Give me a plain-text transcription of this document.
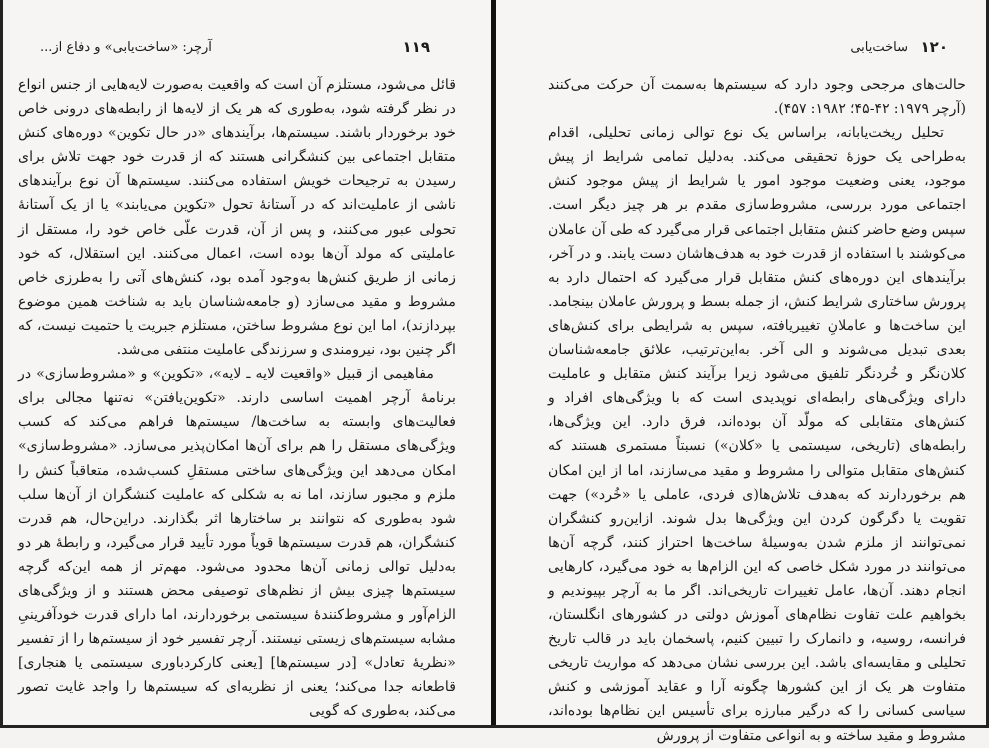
آرچر: «ساخت‌یابی» و دفاع از...	۱۱۹

قائل می‌شود، مستلزم آن است که واقعیت به‌صورت لایه‌هایی از جنس انواع در نظر گرفته شود، به‌طوری که هر یک از لایه‌ها از رابطه‌های درونی خاص خود برخوردار باشند. سیستم‌ها، برآیندهای «در حال تکوین» دوره‌های کنش متقابل اجتماعی بین کنشگرانی هستند که از قدرت خود جهت تلاش برای رسیدن به ترجیحات خویش استفاده می‌کنند. سیستم‌ها آن نوع برآیندهای ناشی از عاملیت‌اند که در آستانهٔ تحول «تکوین می‌یابند» یا از یک آستانهٔ تحولی عبور می‌کنند، و پس از آن، قدرت علّی خاص خود را، مستقل از عاملیتی که مولد آن‌ها بوده است، اعمال می‌کنند. این استقلال، که خود زمانی از طریق کنش‌ها به‌وجود آمده بود، کنش‌های آتی را به‌طرزی خاص مشروط و مقید می‌سازد (و جامعه‌شناسان باید به شناخت همین موضوع بپردازند)، اما این نوع مشروط ساختن، مستلزم جبریت یا حتمیت نیست، که اگر چنین بود، نیرومندی و سرزندگی عاملیت منتفی می‌شد.

مفاهیمی از قبیل «واقعیت لایه ـ لایه»، «تکوین» و «مشروط‌سازی» در برنامهٔ آرچر اهمیت اساسی دارند. «تکوین‌یافتن» نه‌تنها مجالی برای فعالیت‌های وابسته به ساخت‌ها/ سیستم‌ها فراهم می‌کند که کسب ویژگی‌های مستقل را هم برای آن‌ها امکان‌پذیر می‌سازد. «مشروط‌سازی» امکان می‌دهد این ویژگی‌های ساختی مستقلِ کسب‌شده، متعاقباً کنش را ملزم و مجبور سازند، اما نه به شکلی که عاملیت کنشگران از آن‌ها سلب شود به‌طوری که نتوانند بر ساختارها اثر بگذارند. دراین‌حال، هم قدرت کنشگران، هم قدرت سیستم‌ها قویاً مورد تأیید قرار می‌گیرد، و رابطهٔ هر دو به‌دلیل توالی زمانی آن‌ها محدود می‌شود. مهم‌تر از همه این‌که گرچه سیستم‌ها چیزی بیش از نظم‌های توصیفی محض هستند و از ویژگی‌های الزام‌آور و مشروط‌کنندهٔ سیستمی برخوردارند، اما دارای قدرت خودآفرینیِ مشابه سیستم‌های زیستی نیستند. آرچر تفسیر خود از سیستم‌ها را از تفسیر «نظریهٔ تعادل» [در سیستم‌ها] [یعنی کارکردباوری سیستمی یا هنجاری] قاطعانه جدا می‌کند؛ یعنی از نظریه‌ای که سیستم‌ها را واجد غایت تصور می‌کند، به‌طوری که گویی

۱۲۰
ساخت‌یابی

حالت‌های مرجحی وجود دارد که سیستم‌ها به‌سمت آن حرکت می‌کنند (آرچر ۱۹۷۹: ۴۲-۴۵؛ ۱۹۸۲: ۴۵۷).

تحلیل ریخت‌یابانه، براساس یک نوع توالی زمانی تحلیلی، اقدام به‌طراحی یک حوزهٔ تحقیقی می‌کند. به‌دلیل تمامی شرایط از پیش موجود، یعنی وضعیت موجود امور یا شرایط از پیش موجود کنش اجتماعی مورد بررسی، مشروط‌سازی مقدم بر هر چیز دیگر است. سپس وضع حاضر کنش متقابل اجتماعی قرار می‌گیرد که طی آن عاملان می‌کوشند با استفاده از قدرت خود به هدف‌هاشان دست یابند. و در آخر، برآیندهای این دوره‌های کنش متقابل قرار می‌گیرد که احتمال دارد به پرورش ساختاری شرایط کنش، از جمله بسط و پرورش عاملان بینجامد. این ساخت‌ها و عاملانِ تغییریافته، سپس به شرایطی برای کنش‌های بعدی تبدیل می‌شوند و الی آخر. به‌این‌ترتیب، علائق جامعه‌شناسان کلان‌نگر و خُردنگر تلفیق می‌شود زیرا برآیند کنش متقابل و عاملیت دارای ویژگی‌های رابطه‌ای نوپدیدی است که با ویژگی‌های افراد و کنش‌های متقابلی که مولّد آن بوده‌اند، فرق دارد. این ویژگی‌ها، رابطه‌های (تاریخی، سیستمی یا «کلان») نسبتاً مستمری هستند که کنش‌های متقابل متوالی را مشروط و مقید می‌سازند، اما از این امکان هم برخوردارند که به‌هدف تلاش‌ها(ی فردی، عاملی یا «خُرد») جهت تقویت یا دگرگون کردن این ویژگی‌ها بدل شوند. ازاین‌رو کنشگران نمی‌توانند از ملزم شدن به‌وسیلهٔ ساخت‌ها احتراز کنند، گرچه آن‌ها می‌توانند در مورد شکل خاصی که این الزام‌ها به خود می‌گیرد، کارهایی انجام دهند. آن‌ها، عامل تغییرات تاریخی‌اند. اگر ما به آرچر بپیوندیم و بخواهیم علت تفاوت نظام‌های آموزش دولتی در کشورهای انگلستان، فرانسه، روسیه، و دانمارک را تبیین کنیم، پاسخمان باید در قالب تاریخ تحلیلی و مقایسه‌ای باشد. این بررسی نشان می‌دهد که مواریث تاریخی متفاوت هر یک از این کشورها چگونه آرا و عقاید آموزشی و کنش سیاسی کسانی را که درگیر مبارزه برای تأسیس این نظام‌ها بوده‌اند، مشروط و مقید ساخته و به انواعی متفاوت از پرورش
